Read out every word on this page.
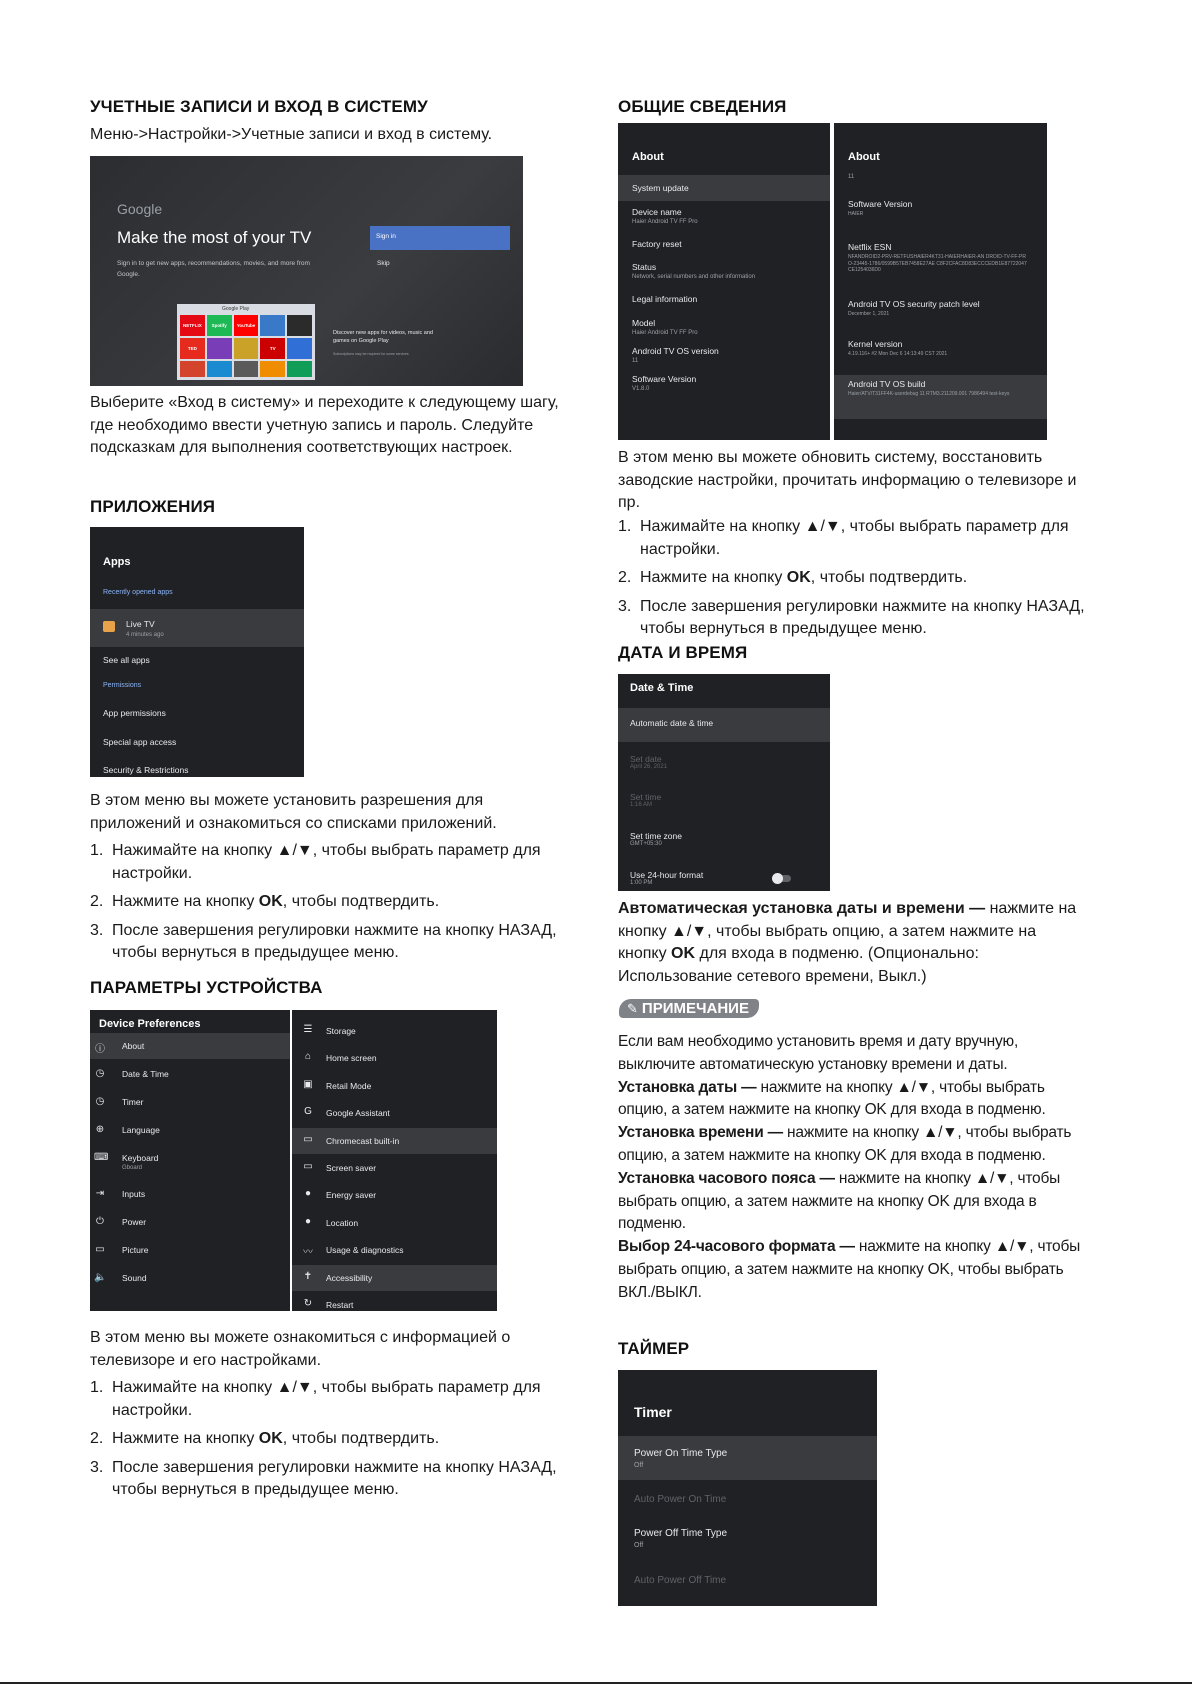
УЧЕТНЫЕ ЗАПИСИ И ВХОД В СИСТЕМУ

Меню->Настройки->Учетные записи и вход в систему.

Google
Make the most of your TV
Sign in to get new apps, recommendations, movies, and more from Google.
Sign in
Skip
Google Play
NETFLIX	Spotify	YouTube
TED	TV
Discover new apps for videos, music and games on Google Play
Subscriptions may be required for some services

Выберите «Вход в систему» и переходите к следующему шагу, где необходимо ввести учетную запись и пароль. Следуйте подсказкам для выполнения соответствующих настроек.

ПРИЛОЖЕНИЯ
Apps
Recently opened apps
Live TV
4 minutes ago
See all apps
Permissions
App permissions
Special app access
Security & Restrictions

В этом меню вы можете установить разрешения для приложений и ознакомиться со списками приложений.

1. Нажимайте на кнопку ▲/▼, чтобы выбрать параметр для настройки.
2. Нажмите на кнопку OK, чтобы подтвердить.
3. После завершения регулировки нажмите на кнопку НАЗАД, чтобы вернуться в предыдущее меню.
ПАРАМЕТРЫ УСТРОЙСТВА
Device Preferences
ⓘ About
◷ Date & Time
◷ Timer
⊕ Language
⌨ Keyboard
Gboard
⇥ Inputs
⏻ Power
▭ Picture
🔈 Sound
☰ Storage
⌂	Home screen
▣ Retail Mode
G Google Assistant
▭ Chromecast built-in
▭ Screen saver
●	Energy saver
●	Location
〰 Usage & diagnostics
✝ Accessibility
↻ Restart

В этом меню вы можете ознакомиться с информацией о телевизоре и его настройками.

1. Нажимайте на кнопку ▲/▼, чтобы выбрать параметр для настройки.
2. Нажмите на кнопку OK, чтобы подтвердить.
3. После завершения регулировки нажмите на кнопку НАЗАД, чтобы вернуться в предыдущее меню.
ОБЩИЕ СВЕДЕНИЯ
About
System update
Device name
Haier Android TV FF Pro
Factory reset
Status
Network, serial numbers and other information
Legal information
Model
Haier Android TV FF Pro
Android TV OS version
11
Software Version
V1.8.0
About
11
Software Version
HAIER
Netflix ESN
NFANDROID2-PRV-RETFUSHAIER4KT31-HAIERHAIER-AN DROID-TV-FF-PRO-23445-1786/0599B57EB7458E27AE C8F2CFAC8D83ECCCEDB1E87722047CE1254036D0
Android TV OS security patch level
December 1, 2021
Kernel version
4.19.116+ #2 Mon Dec 6 14:13:49 CST 2021
Android TV OS build
Haier/ATV/T31FF4K-userdebug 11 RTM3.211209.001 7986494 test-keys

В этом меню вы можете обновить систему, восстановить заводские настройки, прочитать информацию о телевизоре и пр.

1. Нажимайте на кнопку ▲/▼, чтобы выбрать параметр для настройки.
2. Нажмите на кнопку OK, чтобы подтвердить.
3. После завершения регулировки нажмите на кнопку НАЗАД, чтобы вернуться в предыдущее меню.
ДАТА И ВРЕМЯ
Date & Time
Automatic date & time
Set date
April 26, 2021
Set time
1:16 AM
Set time zone
GMT+05:30
Use 24-hour format
1:00 PM

Автоматическая установка даты и времени — нажмите на кнопку ▲/▼, чтобы выбрать опцию, а затем нажмите на кнопку OK для входа в подменю. (Опционально: Использование сетевого времени, Выкл.)

✎ ПРИМЕЧАНИЕ
Если вам необходимо установить время и дату вручную, выключите автоматическую установку времени и даты.
Установка даты — нажмите на кнопку ▲/▼, чтобы выбрать опцию, а затем нажмите на кнопку OK для входа в подменю.
Установка времени — нажмите на кнопку ▲/▼, чтобы выбрать опцию, а затем нажмите на кнопку OK для входа в подменю.
Установка часового пояса — нажмите на кнопку ▲/▼, чтобы выбрать опцию, а затем нажмите на кнопку OK для входа в подменю.
Выбор 24-часового формата — нажмите на кнопку ▲/▼, чтобы выбрать опцию, а затем нажмите на кнопку OK, чтобы выбрать ВКЛ./ВЫКЛ.
ТАЙМЕР
Timer
Power On Time Type
Off
Auto Power On Time
Power Off Time Type
Off
Auto Power Off Time
